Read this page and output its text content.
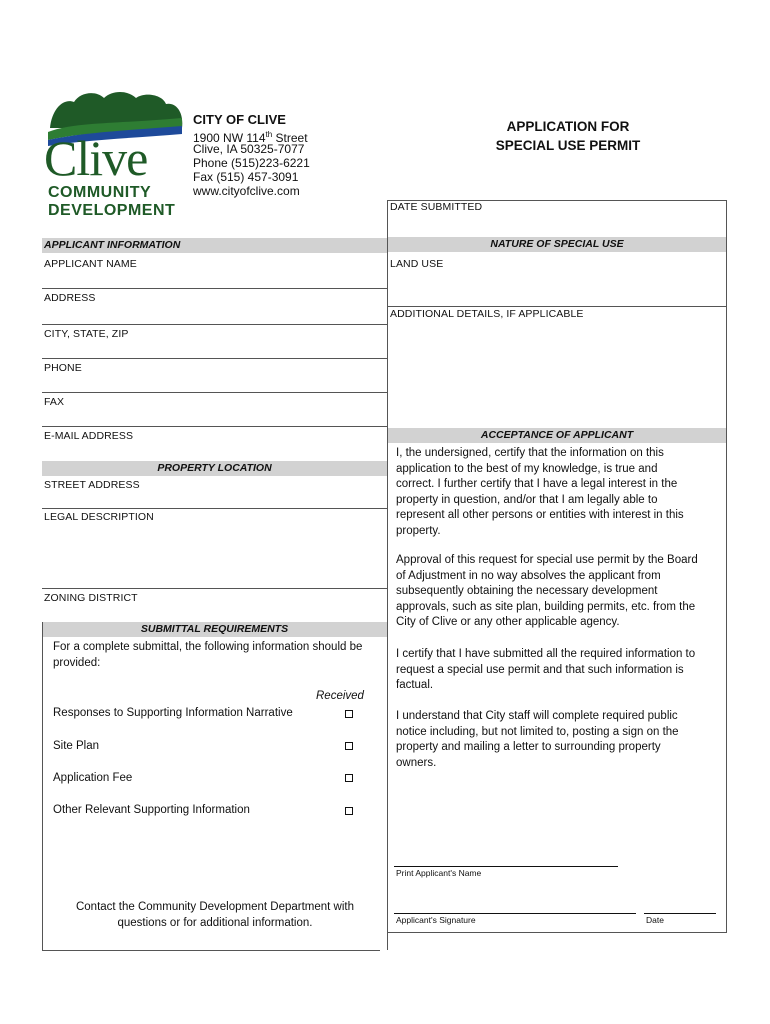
Clive
COMMUNITY
DEVELOPMENT
CITY OF CLIVE
1900 NW 114th Street
Clive, IA 50325-7077
Phone (515)223-6221
Fax (515) 457-3091
www.cityofclive.com
APPLICATION FOR
SPECIAL USE PERMIT
DATE SUBMITTED
APPLICANT INFORMATION
APPLICANT NAME
ADDRESS
CITY, STATE, ZIP
PHONE
FAX
E-MAIL ADDRESS
PROPERTY LOCATION
STREET ADDRESS
LEGAL DESCRIPTION
ZONING DISTRICT
SUBMITTAL REQUIREMENTS
For a complete submittal, the following information should be
provided:
Received
Responses to Supporting Information Narrative
Site Plan
Application Fee
Other Relevant Supporting Information
Contact the Community Development Department with
questions or for additional information.
NATURE OF SPECIAL USE
LAND USE
ADDITIONAL DETAILS, IF APPLICABLE
ACCEPTANCE OF APPLICANT
I, the undersigned, certify that the information on this
application to the best of my knowledge, is true and
correct. I further certify that I have a legal interest in the
property in question, and/or that I am legally able to
represent all other persons or entities with interest in this
property.
Approval of this request for special use permit by the Board
of Adjustment in no way absolves the applicant from
subsequently obtaining the necessary development
approvals, such as site plan, building permits, etc. from the
City of Clive or any other applicable agency.
I certify that I have submitted all the required information to
request a special use permit and that such information is
factual.
I understand that City staff will complete required public
notice including, but not limited to, posting a sign on the
property and mailing a letter to surrounding property
owners.
Print Applicant's Name
Applicant's Signature	Date
